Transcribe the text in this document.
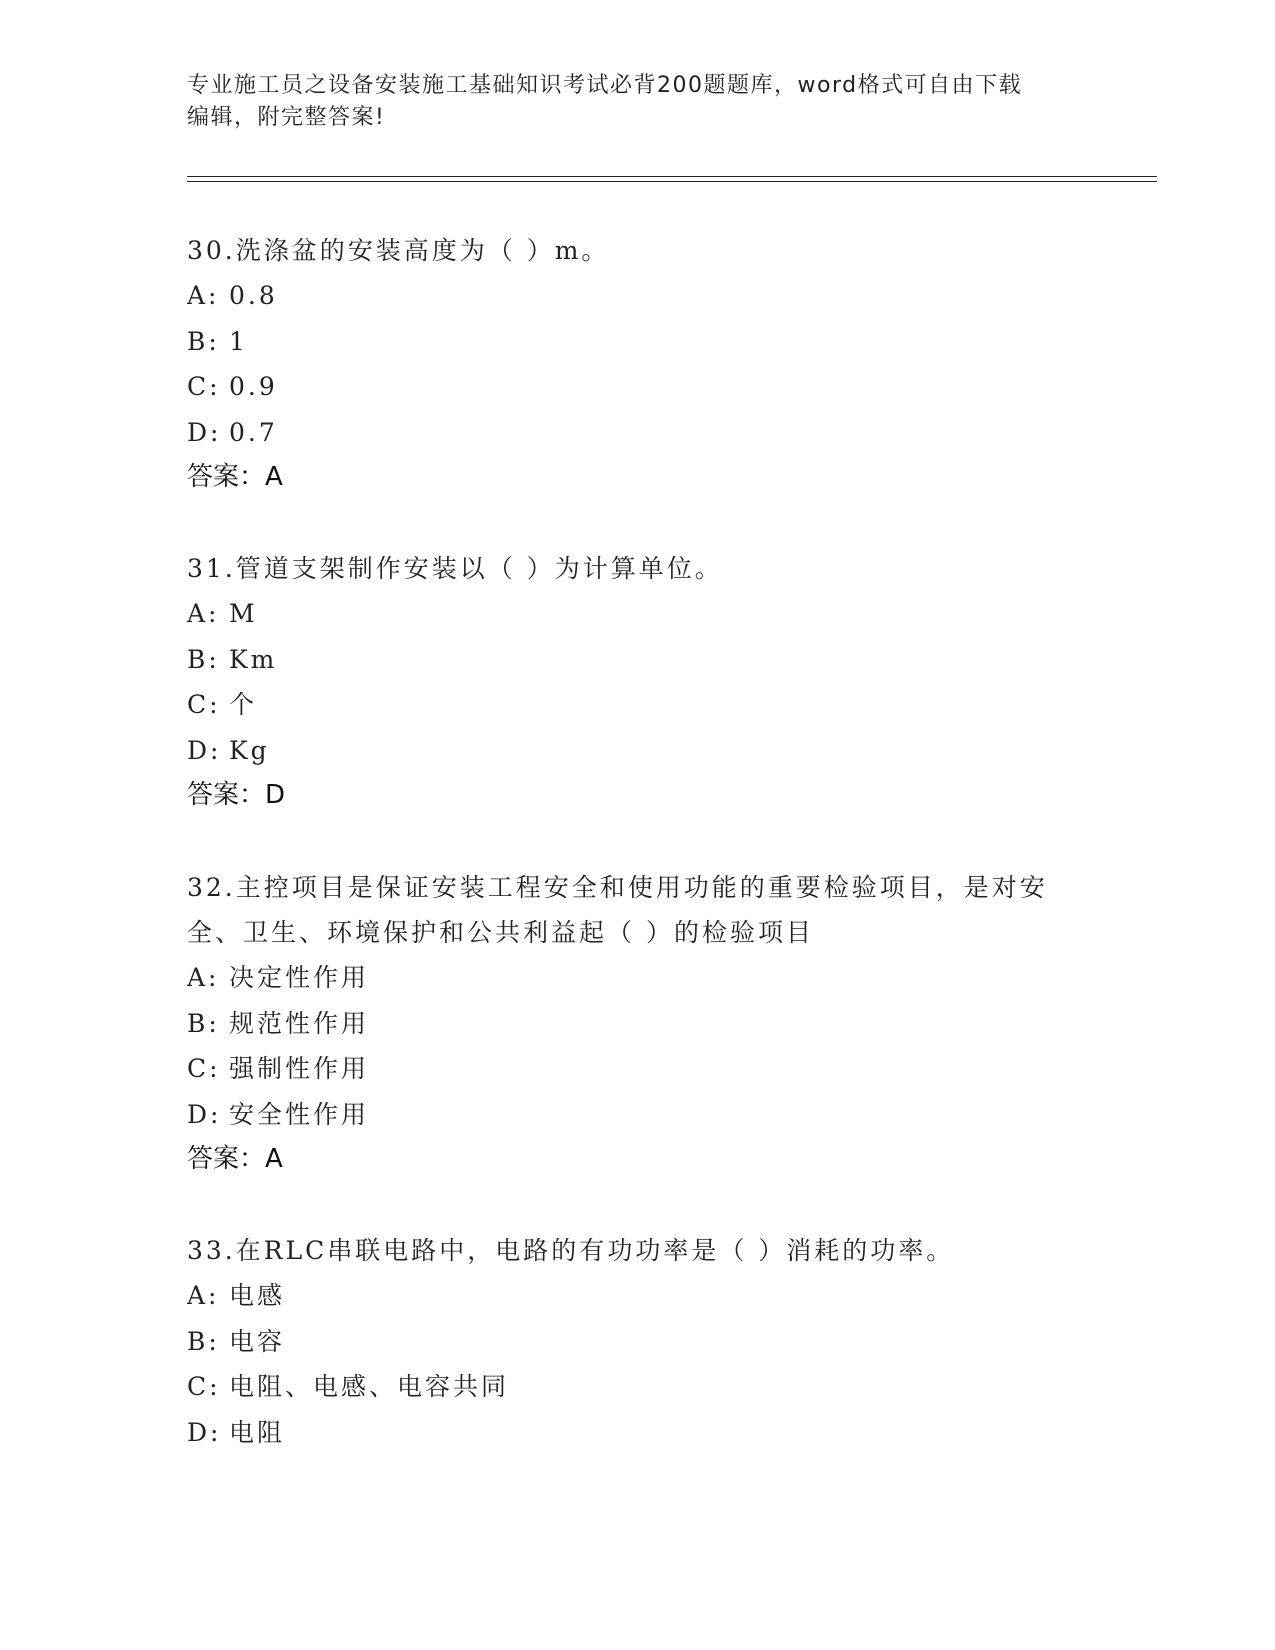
专业施工员之设备安装施工基础知识考试必背200题题库，word格式可自由下载
编辑，附完整答案!
30.洗涤盆的安装高度为（ ）m。
A: 0.8
B: 1
C: 0.9
D: 0.7
答案：A
31.管道支架制作安装以（ ）为计算单位。
A: M
B: Km
C: 个
D: Kg
答案：D
32.主控项目是保证安装工程安全和使用功能的重要检验项目，是对安
全、卫生、环境保护和公共利益起（ ）的检验项目
A: 决定性作用
B: 规范性作用
C: 强制性作用
D: 安全性作用
答案：A
33.在RLC串联电路中，电路的有功功率是（ ）消耗的功率。
A: 电感
B: 电容
C: 电阻、电感、电容共同
D: 电阻
